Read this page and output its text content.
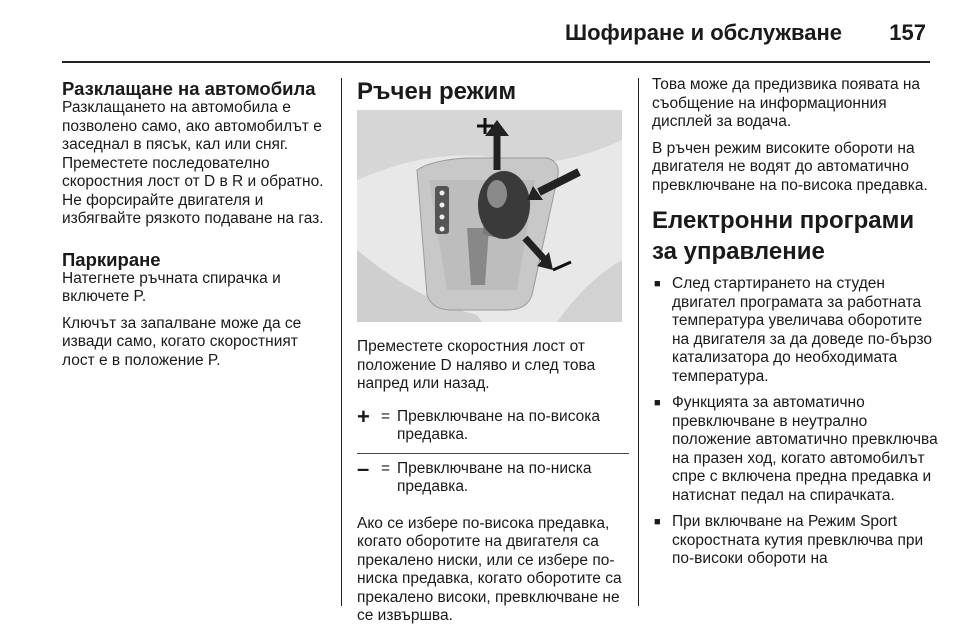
Шофиране и обслужване 157
Разклащане на автомобила

Разклащането на автомобила е позволено само, ако автомобилът е заседнал в пясък, кал или сняг. Преместете последователно скоростния лост от D в R и обратно. Не форсирайте двигателя и избягвайте рязкото подаване на газ.

Паркиране

Натегнете ръчната спирачка и включете P.

Ключът за запалване може да се извади само, когато скоростният лост е в положение P.

Ръчен режим

Преместете скоростния лост от положение D наляво и след това напред или назад.

+ = Превключване на по-висока предавка.
– = Превключване на по-ниска предавка.

Ако се избере по-висока предавка, когато оборотите на двигателя са прекалено ниски, или се избере по-ниска предавка, когато оборотите са прекалено високи, превключване не се извършва.

Това може да предизвика появата на съобщение на информационния дисплей за водача.

В ръчен режим високите обороти на двигателя не водят до автоматично превключване на по-висока предавка.

Електронни програми за управление
■ След стартирането на студен двигател програмата за работната температура увеличава оборотите на двигателя за да доведе по-бързо катализатора до необходимата температура.
■ Функцията за автоматично превключване в неутрално положение автоматично превключва на празен ход, когато автомобилът спре с включена предна предавка и натиснат педал на спирачката.
■ При включване на Режим Sport скоростната кутия превключва при по-високи обороти на
